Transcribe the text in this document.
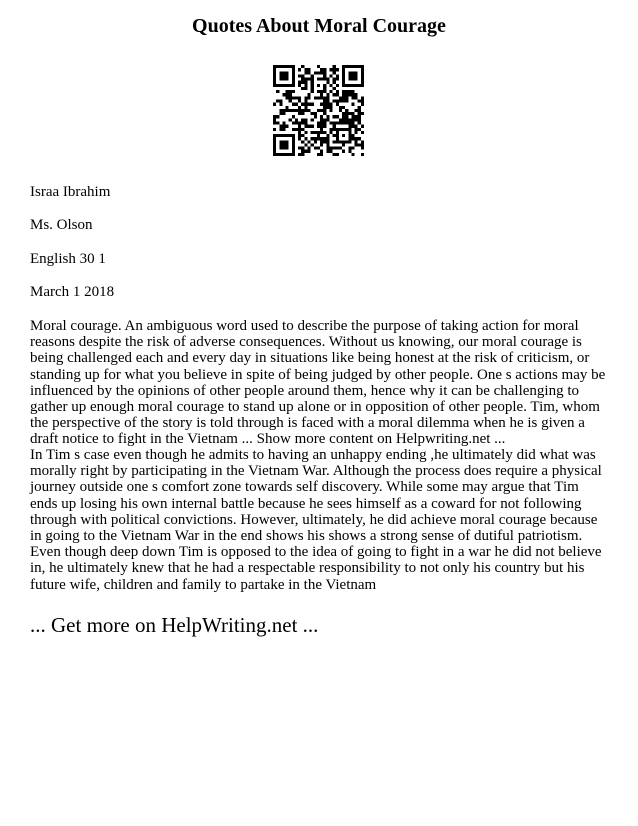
Quotes About Moral Courage
Israa Ibrahim
Ms. Olson
English 30 1
March 1 2018

Moral courage. An ambiguous word used to describe the purpose of taking action for moral reasons despite the risk of adverse consequences. Without us knowing, our moral courage is being challenged each and every day in situations like being honest at the risk of criticism, or standing up for what you believe in spite of being judged by other people. One s actions may be influenced by the opinions of other people around them, hence why it can be challenging to gather up enough moral courage to stand up alone or in opposition of other people. Tim, whom the perspective of the story is told through is faced with a moral dilemma when he is given a draft notice to fight in the Vietnam ... Show more content on Helpwriting.net ...

In Tim s case even though he admits to having an unhappy ending ,he ultimately did what was morally right by participating in the Vietnam War. Although the process does require a physical journey outside one s comfort zone towards self discovery. While some may argue that Tim ends up losing his own internal battle because he sees himself as a coward for not following through with political convictions. However, ultimately, he did achieve moral courage because in going to the Vietnam War in the end shows his shows a strong sense of dutiful patriotism. Even though deep down Tim is opposed to the idea of going to fight in a war he did not believe in, he ultimately knew that he had a respectable responsibility to not only his country but his future wife, children and family to partake in the Vietnam

... Get more on HelpWriting.net ...
